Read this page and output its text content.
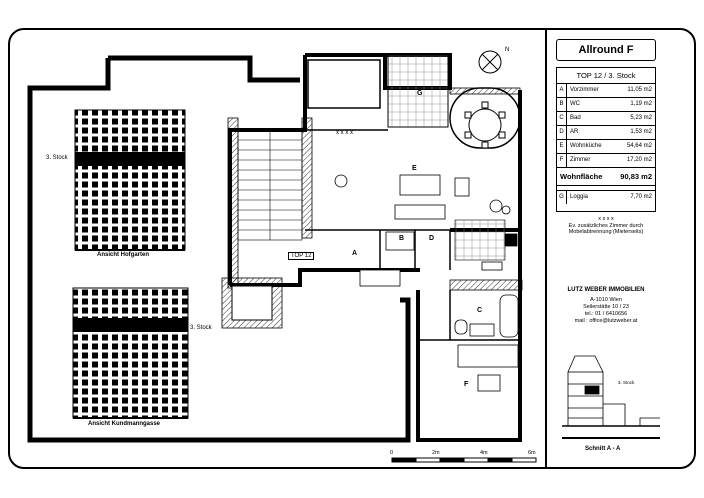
N
G
E
A
B	D
C
F
TOP 12
x x x x
3. Stock
Ansicht Hofgarten
3. Stock
Ansicht Kundmanngasse
3. Stock
Schnitt A - A
0	2m	4m	6m
Allround F
TOP 12 / 3. Stock
A	Vorzimmer	11,05 m2
B	WC	1,19 m2
C	Bad	5,23 m2
D	AR	1,53 m2
E	Wohnküche	54,64 m2
F	Zimmer	17,20 m2
Wohnfläche	90,83 m2
G	Loggia	7,70 m2
x x x x
Ev. zusätzliches Zimmer durch
Mobelabtrennung (Mieterseits)
LUTZ WEBER IMMOBILIEN
A-1010 Wien
Seilerstätte 10 / 23
tel.: 01 / 6410656
mail : office@lutzweber.at
